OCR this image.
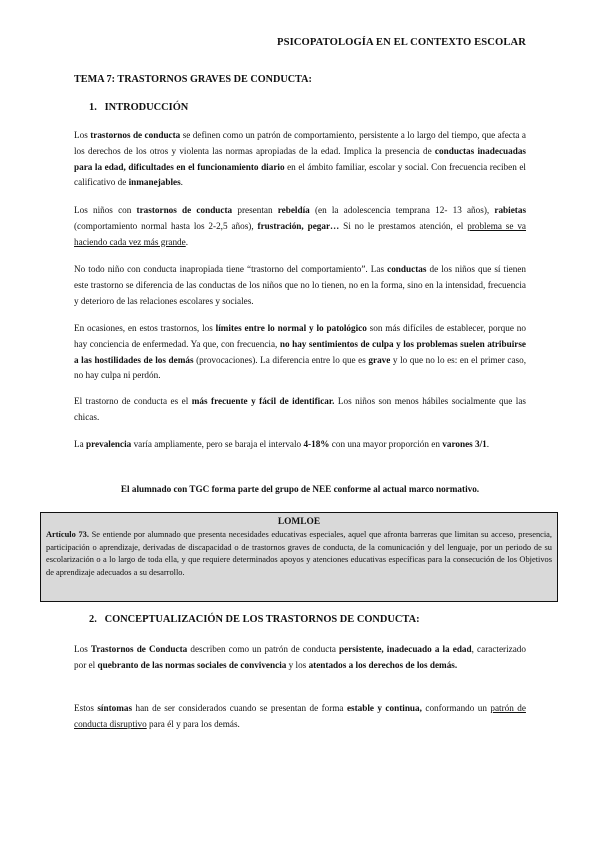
PSICOPATOLOGÍA EN EL CONTEXTO ESCOLAR
TEMA 7: TRASTORNOS GRAVES DE CONDUCTA:
1. INTRODUCCIÓN
Los trastornos de conducta se definen como un patrón de comportamiento, persistente a lo largo del tiempo, que afecta a los derechos de los otros y violenta las normas apropiadas de la edad. Implica la presencia de conductas inadecuadas para la edad, dificultades en el funcionamiento diario en el ámbito familiar, escolar y social. Con frecuencia reciben el calificativo de inmanejables.
Los niños con trastornos de conducta presentan rebeldía (en la adolescencia temprana 12- 13 años), rabietas (comportamiento normal hasta los 2-2,5 años), frustración, pegar… Si no le prestamos atención, el problema se va haciendo cada vez más grande.
No todo niño con conducta inapropiada tiene “trastorno del comportamiento”. Las conductas de los niños que sí tienen este trastorno se diferencia de las conductas de los niños que no lo tienen, no en la forma, sino en la intensidad, frecuencia y deterioro de las relaciones escolares y sociales.
En ocasiones, en estos trastornos, los límites entre lo normal y lo patológico son más difíciles de establecer, porque no hay conciencia de enfermedad. Ya que, con frecuencia, no hay sentimientos de culpa y los problemas suelen atribuirse a las hostilidades de los demás (provocaciones). La diferencia entre lo que es grave y lo que no lo es: en el primer caso, no hay culpa ni perdón.
El trastorno de conducta es el más frecuente y fácil de identificar. Los niños son menos hábiles socialmente que las chicas.
La prevalencia varía ampliamente, pero se baraja el intervalo 4-18% con una mayor proporción en varones 3/1.
El alumnado con TGC forma parte del grupo de NEE conforme al actual marco normativo.
LOMLOE
Artículo 73. Se entiende por alumnado que presenta necesidades educativas especiales, aquel que afronta barreras que limitan su acceso, presencia, participación o aprendizaje, derivadas de discapacidad o de trastornos graves de conducta, de la comunicación y del lenguaje, por un periodo de su escolarización o a lo largo de toda ella, y que requiere determinados apoyos y atenciones educativas específicas para la consecución de los Objetivos de aprendizaje adecuados a su desarrollo.
2. CONCEPTUALIZACIÓN DE LOS TRASTORNOS DE CONDUCTA:
Los Trastornos de Conducta describen como un patrón de conducta persistente, inadecuado a la edad, caracterizado por el quebranto de las normas sociales de convivencia y los atentados a los derechos de los demás.
Estos síntomas han de ser considerados cuando se presentan de forma estable y continua, conformando un patrón de conducta disruptivo para él y para los demás.
